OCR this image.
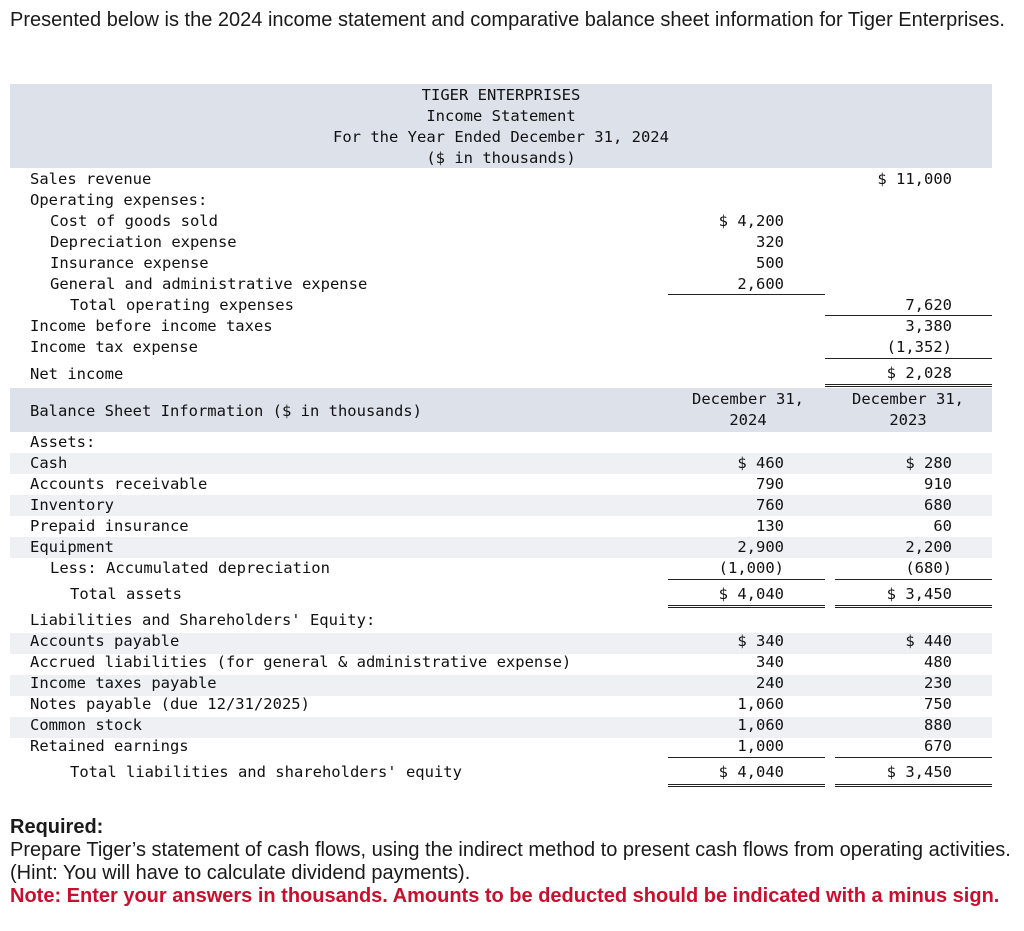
Presented below is the 2024 income statement and comparative balance sheet information for Tiger Enterprises.

TIGER ENTERPRISES
Income Statement
For the Year Ended December 31, 2024
($ in thousands)
Sales revenue	$ 11,000
Operating expenses:
Cost of goods sold	$ 4,200
Depreciation expense	320
Insurance expense	500
General and administrative expense	2,600
Total operating expenses	7,620
Income before income taxes	3,380
Income tax expense	(1,352)
Net income	$ 2,028
Balance Sheet Information ($ in thousands)
December 31,
2024
December 31,
2023
Assets:
Cash	$ 460	$ 280
Accounts receivable	790	910
Inventory	760	680
Prepaid insurance	130	60
Equipment	2,900	2,200
Less: Accumulated depreciation	(1,000)	(680)
Total assets	$ 4,040	$ 3,450
Liabilities and Shareholders' Equity:
Accounts payable	$ 340	$ 440
Accrued liabilities (for general & administrative expense)	340	480
Income taxes payable	240	230
Notes payable (due 12/31/2025)	1,060	750
Common stock	1,060	880
Retained earnings	1,000	670
Total liabilities and shareholders' equity	$ 4,040	$ 3,450

Required:

Prepare Tiger’s statement of cash flows, using the indirect method to present cash flows from operating activities. (Hint: You will have to calculate dividend payments).

Note: Enter your answers in thousands. Amounts to be deducted should be indicated with a minus sign.
